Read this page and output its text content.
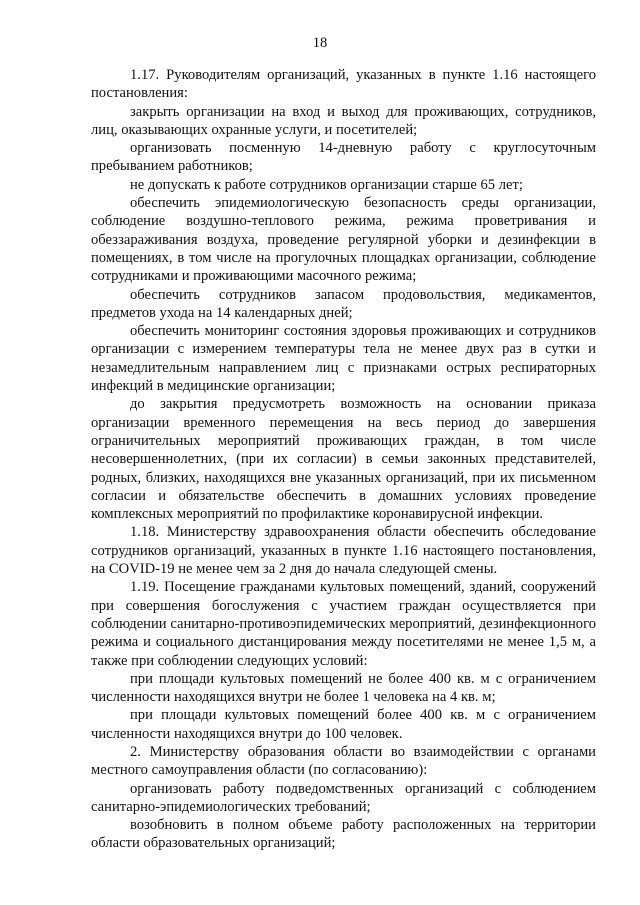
18

1.17. Руководителям организаций, указанных в пункте 1.16 настоящего постановления:

закрыть организации на вход и выход для проживающих, сотрудников, лиц, оказывающих охранные услуги, и посетителей;

организовать посменную 14-дневную работу с круглосуточным пребыванием работников;

не допускать к работе сотрудников организации старше 65 лет;

обеспечить эпидемиологическую безопасность среды организации, соблюдение воздушно-теплового режима, режима проветривания и обеззараживания воздуха, проведение регулярной уборки и дезинфекции в помещениях, в том числе на прогулочных площадках организации, соблюдение сотрудниками и проживающими масочного режима;

обеспечить сотрудников запасом продовольствия, медикаментов, предметов ухода на 14 календарных дней;

обеспечить мониторинг состояния здоровья проживающих и сотрудников организации с измерением температуры тела не менее двух раз в сутки и незамедлительным направлением лиц с признаками острых респираторных инфекций в медицинские организации;

до закрытия предусмотреть возможность на основании приказа организации временного перемещения на весь период до завершения ограничительных мероприятий проживающих граждан, в том числе несовершеннолетних, (при их согласии) в семьи законных представителей, родных, близких, находящихся вне указанных организаций, при их письменном согласии и обязательстве обеспечить в домашних условиях проведение комплексных мероприятий по профилактике коронавирусной инфекции.

1.18. Министерству здравоохранения области обеспечить обследование сотрудников организаций, указанных в пункте 1.16 настоящего постановления, на COVID-19 не менее чем за 2 дня до начала следующей смены.

1.19. Посещение гражданами культовых помещений, зданий, сооружений при совершения богослужения с участием граждан осуществляется при соблюдении санитарно-противоэпидемических мероприятий, дезинфекционного режима и социального дистанцирования между посетителями не менее 1,5 м, а также при соблюдении следующих условий:

при площади культовых помещений не более 400 кв. м с ограничением численности находящихся внутри не более 1 человека на 4 кв. м;

при площади культовых помещений более 400 кв. м с ограничением численности находящихся внутри до 100 человек.

2. Министерству образования области во взаимодействии с органами местного самоуправления области (по согласованию):

организовать работу подведомственных организаций с соблюдением санитарно-эпидемиологических требований;

возобновить в полном объеме работу расположенных на территории области образовательных организаций;
